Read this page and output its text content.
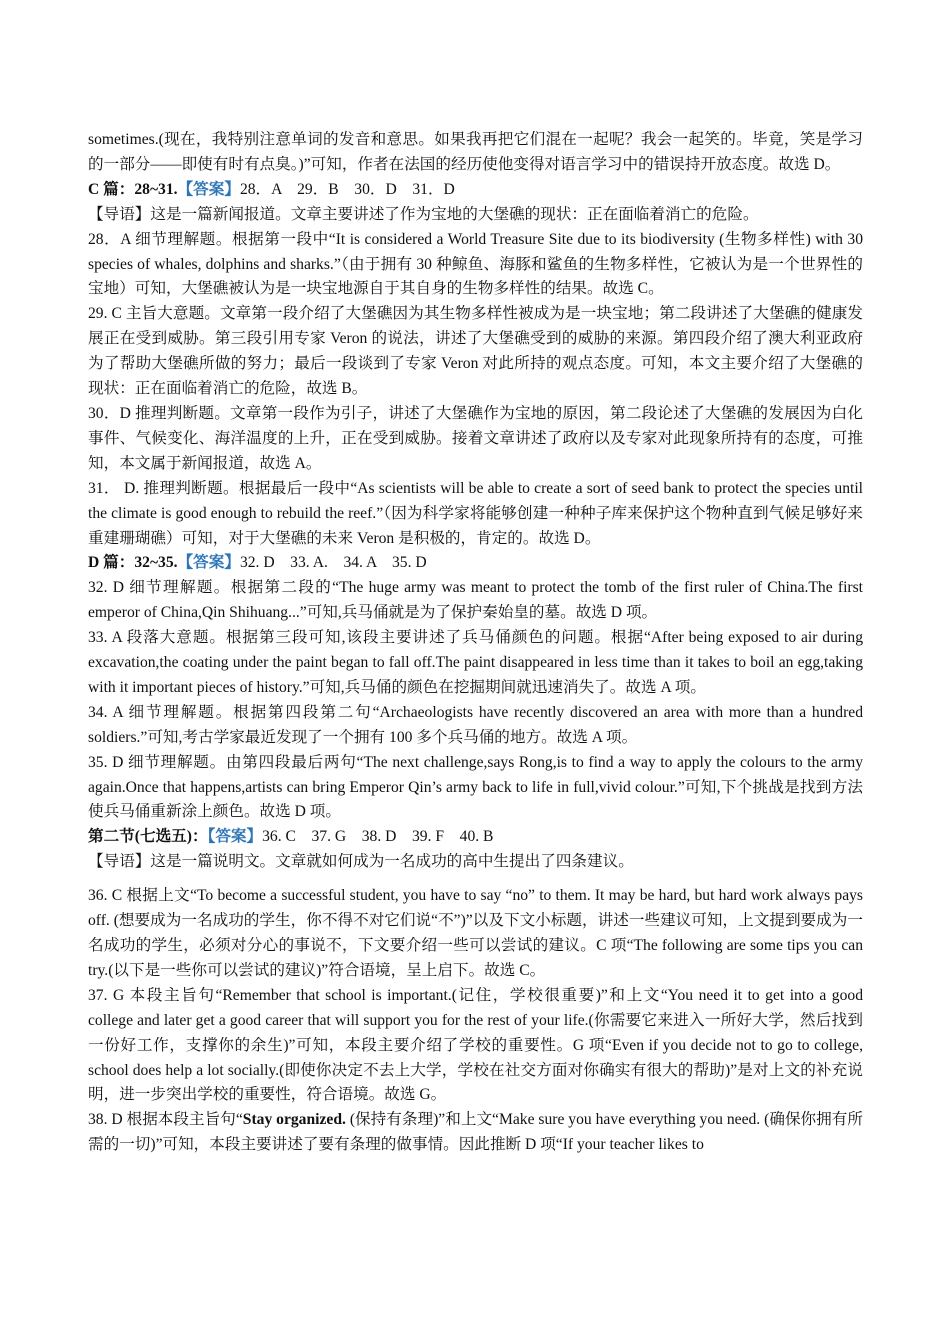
sometimes.(现在，我特别注意单词的发音和意思。如果我再把它们混在一起呢？我会一起笑的。毕竟，笑是学习的一部分——即使有时有点臭。)”可知，作者在法国的经历使他变得对语言学习中的错误持开放态度。故选 D。

C 篇：28~31.【答案】28．A　29．B　30．D　31．D

【导语】这是一篇新闻报道。文章主要讲述了作为宝地的大堡礁的现状：正在面临着消亡的危险。

28．A 细节理解题。根据第一段中“It is considered a World Treasure Site due to its biodiversity (生物多样性) with 30 species of whales, dolphins and sharks.”（由于拥有 30 种鲸鱼、海豚和鲨鱼的生物多样性，它被认为是一个世界性的宝地）可知，大堡礁被认为是一块宝地源自于其自身的生物多样性的结果。故选 C。

29. C 主旨大意题。文章第一段介绍了大堡礁因为其生物多样性被成为是一块宝地；第二段讲述了大堡礁的健康发展正在受到威胁。第三段引用专家 Veron 的说法，讲述了大堡礁受到的威胁的来源。第四段介绍了澳大利亚政府为了帮助大堡礁所做的努力；最后一段谈到了专家 Veron 对此所持的观点态度。可知，本文主要介绍了大堡礁的现状：正在面临着消亡的危险，故选 B。

30．D 推理判断题。文章第一段作为引子，讲述了大堡礁作为宝地的原因，第二段论述了大堡礁的发展因为白化事件、气候变化、海洋温度的上升，正在受到威胁。接着文章讲述了政府以及专家对此现象所持有的态度，可推知，本文属于新闻报道，故选 A。

31． D. 推理判断题。根据最后一段中“As scientists will be able to create a sort of seed bank to protect the species until the climate is good enough to rebuild the reef.”（因为科学家将能够创建一种种子库来保护这个物种直到气候足够好来重建珊瑚礁）可知，对于大堡礁的未来 Veron 是积极的，肯定的。故选 D。

D 篇：32~35.【答案】32. D　33. A.　34. A　35. D

32. D 细节理解题。根据第二段的“The huge army was meant to protect the tomb of the first ruler of China.The first emperor of China,Qin Shihuang...”可知,兵马俑就是为了保护秦始皇的墓。故选 D 项。

33. A 段落大意题。根据第三段可知,该段主要讲述了兵马俑颜色的问题。根据“After being exposed to air during excavation,the coating under the paint began to fall off.The paint disappeared in less time than it takes to boil an egg,taking with it important pieces of history.”可知,兵马俑的颜色在挖掘期间就迅速消失了。故选 A 项。

34. A 细节理解题。根据第四段第二句“Archaeologists have recently discovered an area with more than a hundred soldiers.”可知,考古学家最近发现了一个拥有 100 多个兵马俑的地方。故选 A 项。

35. D 细节理解题。由第四段最后两句“The next challenge,says Rong,is to find a way to apply the colours to the army again.Once that happens,artists can bring Emperor Qin’s army back to life in full,vivid colour.”可知,下个挑战是找到方法使兵马俑重新涂上颜色。故选 D 项。

第二节(七选五)：【答案】36. C　37. G　38. D　39. F　40. B

【导语】这是一篇说明文。文章就如何成为一名成功的高中生提出了四条建议。

36. C 根据上文“To become a successful student, you have to say “no” to them. It may be hard, but hard work always pays off. (想要成为一名成功的学生，你不得不对它们说“不”)”以及下文小标题，讲述一些建议可知，上文提到要成为一名成功的学生，必须对分心的事说不，下文要介绍一些可以尝试的建议。C 项“The following are some tips you can try.(以下是一些你可以尝试的建议)”符合语境，呈上启下。故选 C。

37. G 本段主旨句“Remember that school is important.(记住，学校很重要)”和上文“You need it to get into a good college and later get a good career that will support you for the rest of your life.(你需要它来进入一所好大学，然后找到一份好工作，支撑你的余生)”可知，本段主要介绍了学校的重要性。G 项“Even if you decide not to go to college, school does help a lot socially.(即使你决定不去上大学，学校在社交方面对你确实有很大的帮助)”是对上文的补充说明，进一步突出学校的重要性，符合语境。故选 G。

38. D 根据本段主旨句“Stay organized. (保持有条理)”和上文“Make sure you have everything you need. (确保你拥有所需的一切)”可知，本段主要讲述了要有条理的做事情。因此推断 D 项“If your teacher likes to
